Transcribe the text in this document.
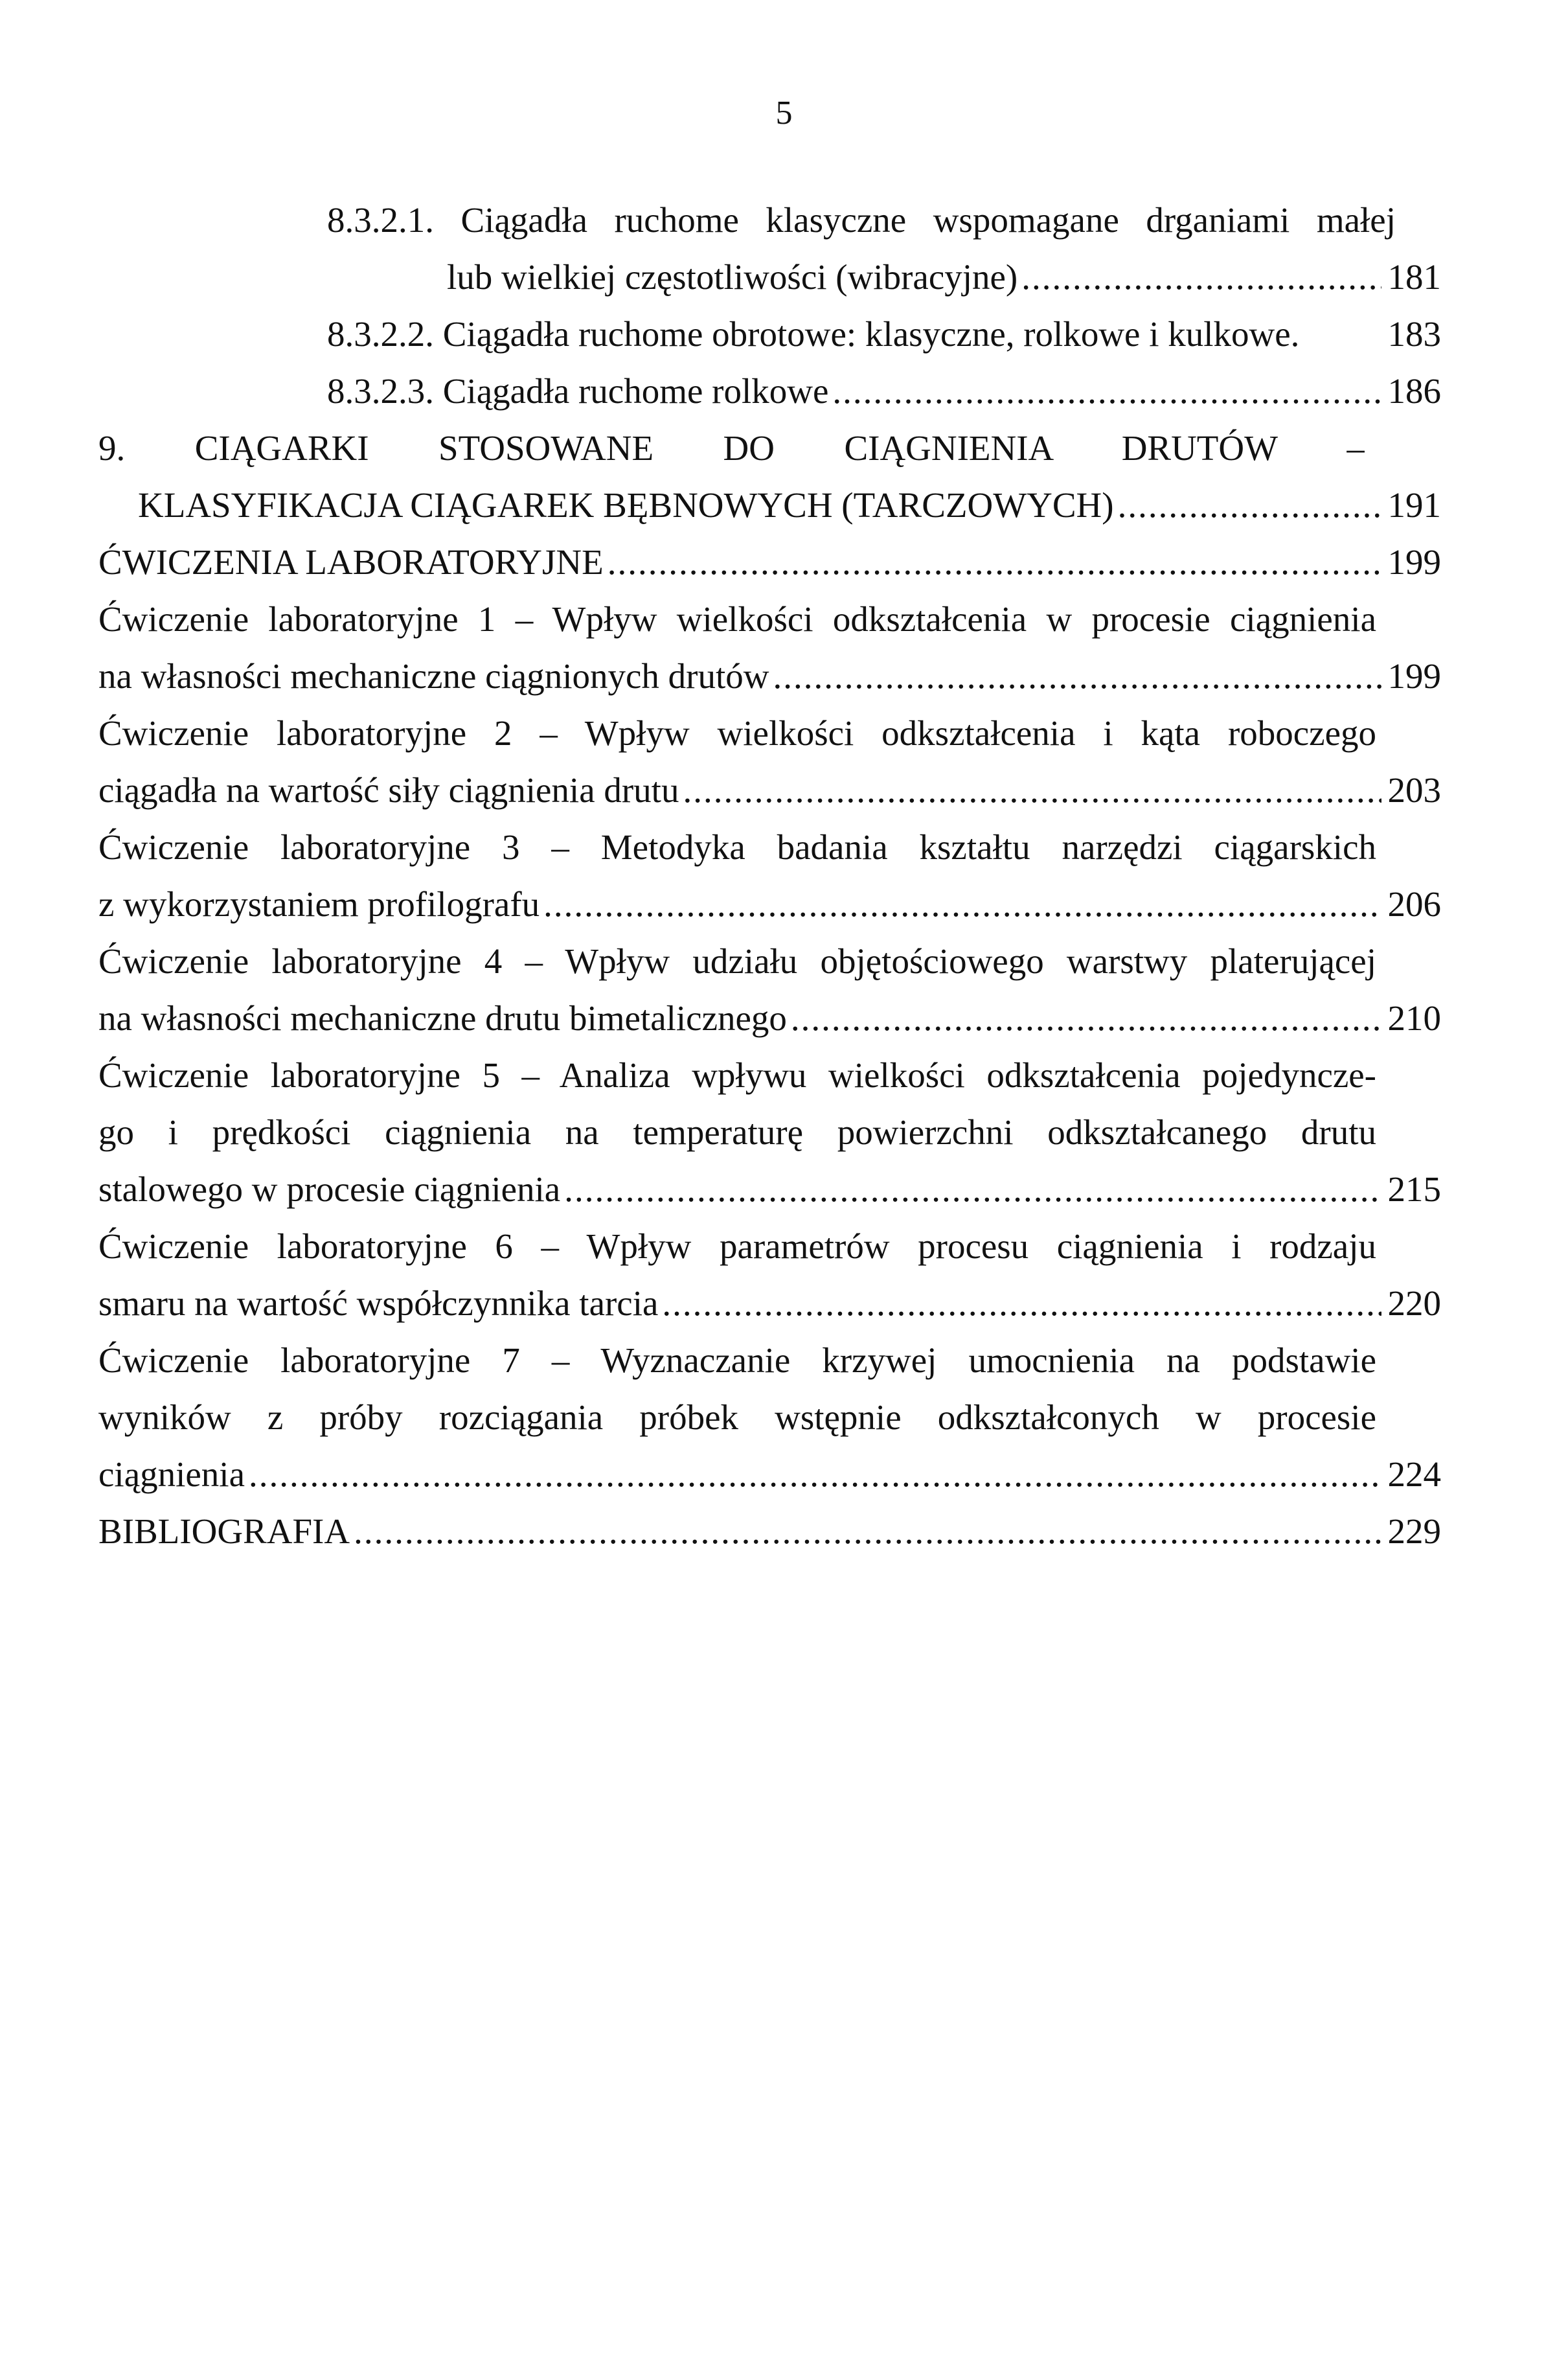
5
8.3.2.1. Ciągadła ruchome klasyczne wspomagane drganiami małej
lub wielkiej częstotliwości (wibracyjne) .....	181
8.3.2.2. Ciągadła ruchome obrotowe: klasyczne, rolkowe i kulkowe. 183
8.3.2.3. Ciągadła ruchome rolkowe .....	186
9. CIĄGARKI STOSOWANE DO CIĄGNIENIA DRUTÓW –
KLASYFIKACJA CIĄGAREK BĘBNOWYCH (TARCZOWYCH) .....	191
ĆWICZENIA LABORATORYJNE .....	199
Ćwiczenie laboratoryjne 1 – Wpływ wielkości odkształcenia w procesie ciągnienia
na własności mechaniczne ciągnionych drutów .....	199
Ćwiczenie laboratoryjne 2 – Wpływ wielkości odkształcenia i kąta roboczego
ciągadła na wartość siły ciągnienia drutu .....	203
Ćwiczenie laboratoryjne 3 – Metodyka badania kształtu narzędzi ciągarskich
z wykorzystaniem profilografu .....	206
Ćwiczenie laboratoryjne 4 – Wpływ udziału objętościowego warstwy platerującej
na własności mechaniczne drutu bimetalicznego .....	210
Ćwiczenie laboratoryjne 5 – Analiza wpływu wielkości odkształcenia pojedyncze-
go i prędkości ciągnienia na temperaturę powierzchni odkształcanego drutu
stalowego w procesie ciągnienia .....	215
Ćwiczenie laboratoryjne 6 – Wpływ parametrów procesu ciągnienia i rodzaju
smaru na wartość współczynnika tarcia .....	220
Ćwiczenie laboratoryjne 7 – Wyznaczanie krzywej umocnienia na podstawie
wyników z próby rozciągania próbek wstępnie odkształconych w procesie
ciągnienia .....	224
BIBLIOGRAFIA .....	229
